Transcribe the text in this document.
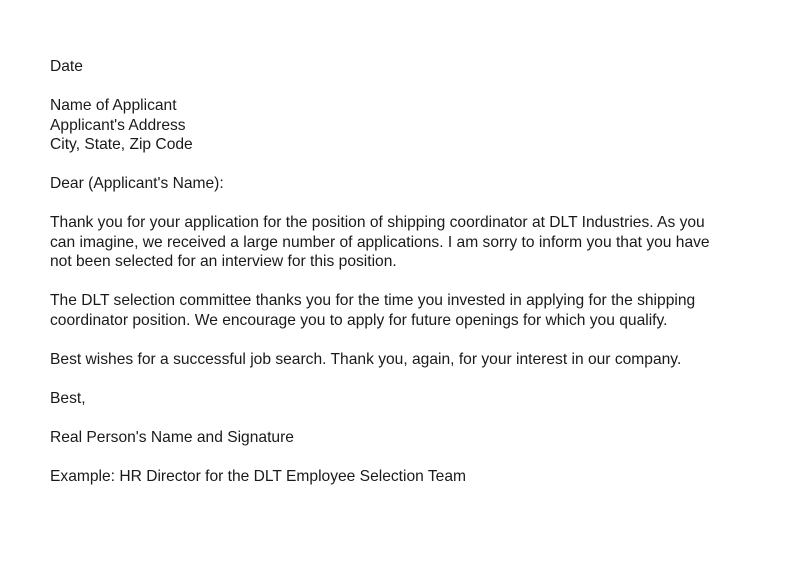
Date

Name of Applicant
Applicant's Address
City, State, Zip Code

Dear (Applicant's Name):

Thank you for your application for the position of shipping coordinator at DLT Industries. As you
can imagine, we received a large number of applications. I am sorry to inform you that you have
not been selected for an interview for this position.

The DLT selection committee thanks you for the time you invested in applying for the shipping
coordinator position. We encourage you to apply for future openings for which you qualify.

Best wishes for a successful job search. Thank you, again, for your interest in our company.

Best,

Real Person's Name and Signature

Example: HR Director for the DLT Employee Selection Team
